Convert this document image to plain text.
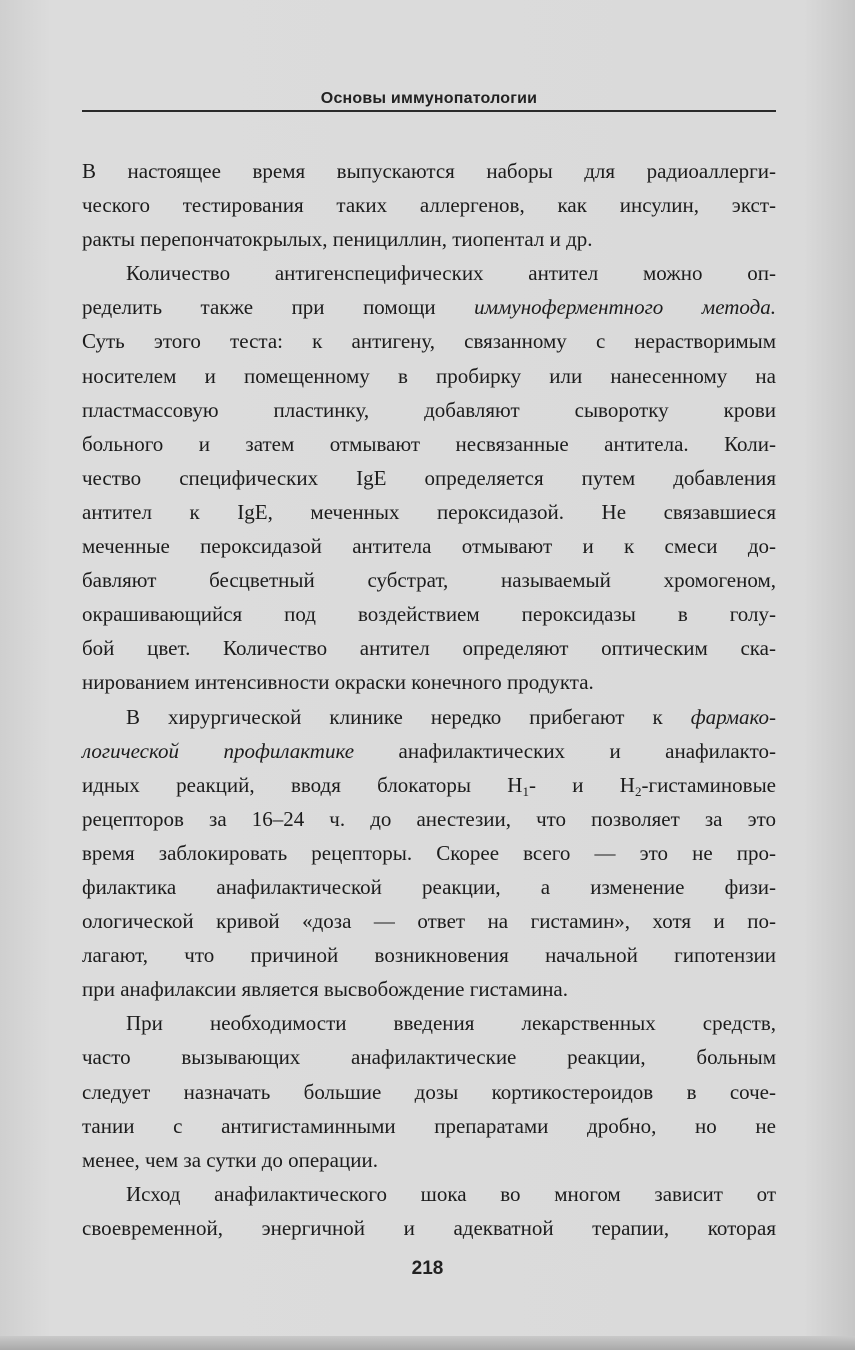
Основы иммунопатологии
В настоящее время выпускаются наборы для радиоаллерги-
ческого тестирования таких аллергенов, как инсулин, экст-
ракты перепончатокрылых, пенициллин, тиопентал и др.
Количество антигенспецифических антител можно оп-
ределить также при помощи иммуноферментного метода.
Суть этого теста: к антигену, связанному с нерастворимым
носителем и помещенному в пробирку или нанесенному на
пластмассовую пластинку, добавляют сыворотку крови
больного и затем отмывают несвязанные антитела. Коли-
чество специфических IgE определяется путем добавления
антител к IgE, меченных пероксидазой. Не связавшиеся
меченные пероксидазой антитела отмывают и к смеси до-
бавляют бесцветный субстрат, называемый хромогеном,
окрашивающийся под воздействием пероксидазы в голу-
бой цвет. Количество антител определяют оптическим ска-
нированием интенсивности окраски конечного продукта.
В хирургической клинике нередко прибегают к фармако-
логической профилактике анафилактических и анафилакто-
идных реакций, вводя блокаторы $Н_1-$ и $Н_2$-гистаминовые
рецепторов за 16–24 ч. до анестезии, что позволяет за это
время заблокировать рецепторы. Скорее всего — это не про-
филактика анафилактической реакции, а изменение физи-
ологической кривой «доза — ответ на гистамин», хотя и по-
лагают, что причиной возникновения начальной гипотензии
при анафилаксии является высвобождение гистамина.
При необходимости введения лекарственных средств,
часто вызывающих анафилактические реакции, больным
следует назначать большие дозы кортикостероидов в соче-
тании с антигистаминными препаратами дробно, но не
менее, чем за сутки до операции.
Исход анафилактического шока во многом зависит от
своевременной, энергичной и адекватной терапии, которая
218
